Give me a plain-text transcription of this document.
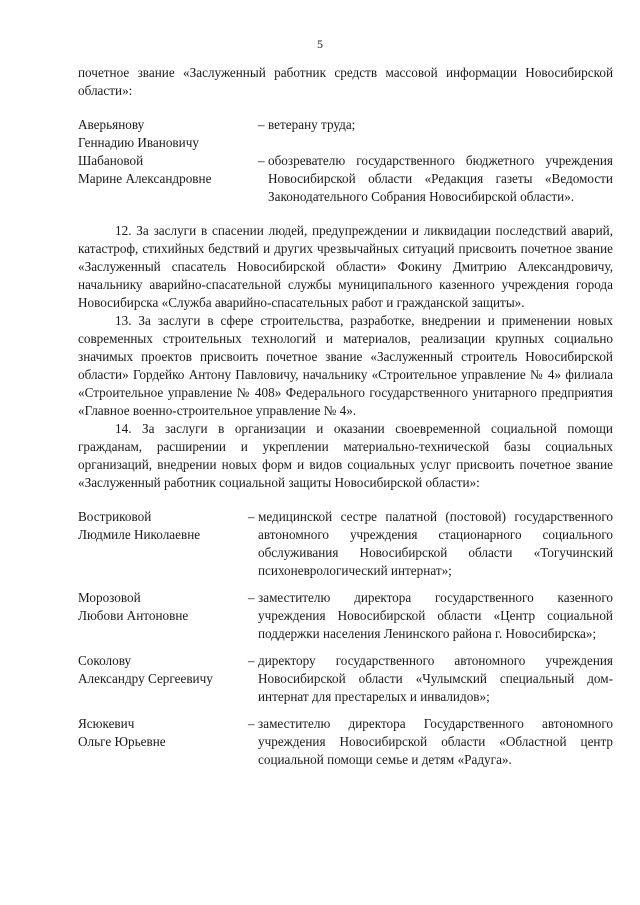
5

почетное звание «Заслуженный работник средств массовой информации Новосибирской области»:

Аверьянову
Геннадию Ивановичу
– ветерану труда;
Шабановой
Марине Александровне
– обозревателю государственного бюджетного учреждения Новосибирской области «Редакция газеты «Ведомости Законодательного Собрания Новосибирской области».

12. За заслуги в спасении людей, предупреждении и ликвидации последствий аварий, катастроф, стихийных бедствий и других чрезвычайных ситуаций присвоить почетное звание «Заслуженный спасатель Новосибирской области» Фокину Дмитрию Александровичу, начальнику аварийно-спасательной службы муниципального казенного учреждения города Новосибирска «Служба аварийно-спасательных работ и гражданской защиты».

13. За заслуги в сфере строительства, разработке, внедрении и применении новых современных строительных технологий и материалов, реализации крупных социально значимых проектов присвоить почетное звание «Заслуженный строитель Новосибирской области» Гордейко Антону Павловичу, начальнику «Строительное управление № 4» филиала «Строительное управление № 408» Федерального государственного унитарного предприятия «Главное военно-строительное управление № 4».

14. За заслуги в организации и оказании своевременной социальной помощи гражданам, расширении и укреплении материально-технической базы социальных организаций, внедрении новых форм и видов социальных услуг присвоить почетное звание «Заслуженный работник социальной защиты Новосибирской области»:

Востриковой
Людмиле Николаевне
– медицинской сестре палатной (постовой) государственного автономного учреждения стационарного социального обслуживания Новосибирской области «Тогучинский психоневрологический интернат»;
Морозовой
Любови Антоновне
– заместителю директора государственного казенного учреждения Новосибирской области «Центр социальной поддержки населения Ленинского района г. Новосибирска»;
Соколову
Александру Сергеевичу
– директору государственного автономного учреждения Новосибирской области «Чулымский специальный дом-интернат для престарелых и инвалидов»;
Ясюкевич
Ольге Юрьевне
– заместителю директора Государственного автономного учреждения Новосибирской области «Областной центр социальной помощи семье и детям «Радуга».
